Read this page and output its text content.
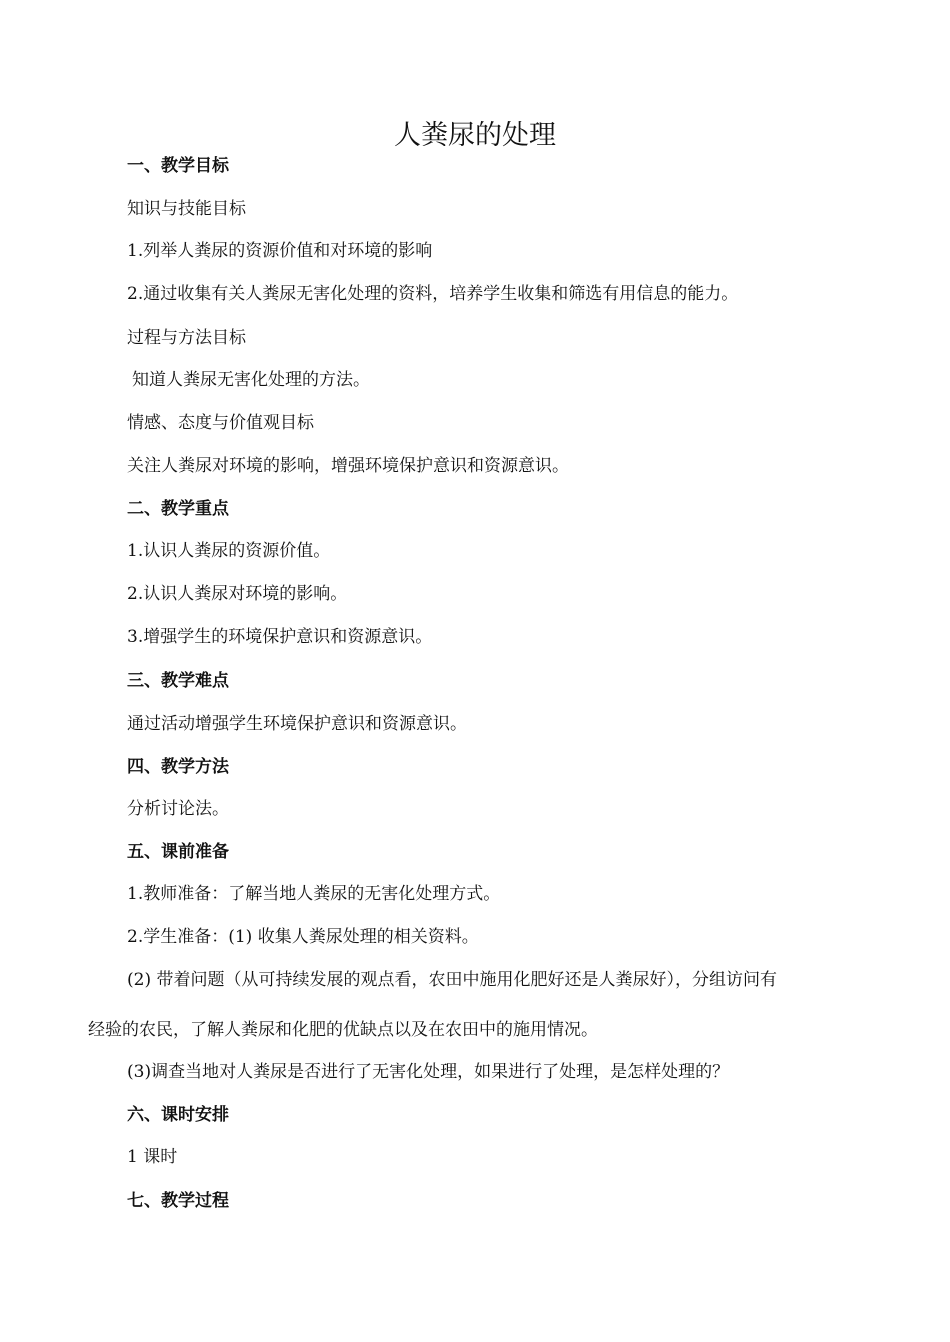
人粪尿的处理
一、教学目标
知识与技能目标
1.列举人粪尿的资源价值和对环境的影响
2.通过收集有关人粪尿无害化处理的资料，培养学生收集和筛选有用信息的能力。
过程与方法目标
知道人粪尿无害化处理的方法。
情感、态度与价值观目标
关注人粪尿对环境的影响，增强环境保护意识和资源意识。
二、教学重点
1.认识人粪尿的资源价值。
2.认识人粪尿对环境的影响。
3.增强学生的环境保护意识和资源意识。
三、教学难点
通过活动增强学生环境保护意识和资源意识。
四、教学方法
分析讨论法。
五、课前准备
1.教师准备：了解当地人粪尿的无害化处理方式。
2.学生准备：(1) 收集人粪尿处理的相关资料。
(2) 带着问题（从可持续发展的观点看，农田中施用化肥好还是人粪尿好），分组访问有
经验的农民，了解人粪尿和化肥的优缺点以及在农田中的施用情况。
(3)调查当地对人粪尿是否进行了无害化处理，如果进行了处理，是怎样处理的？
六、课时安排
1 课时
七、教学过程
